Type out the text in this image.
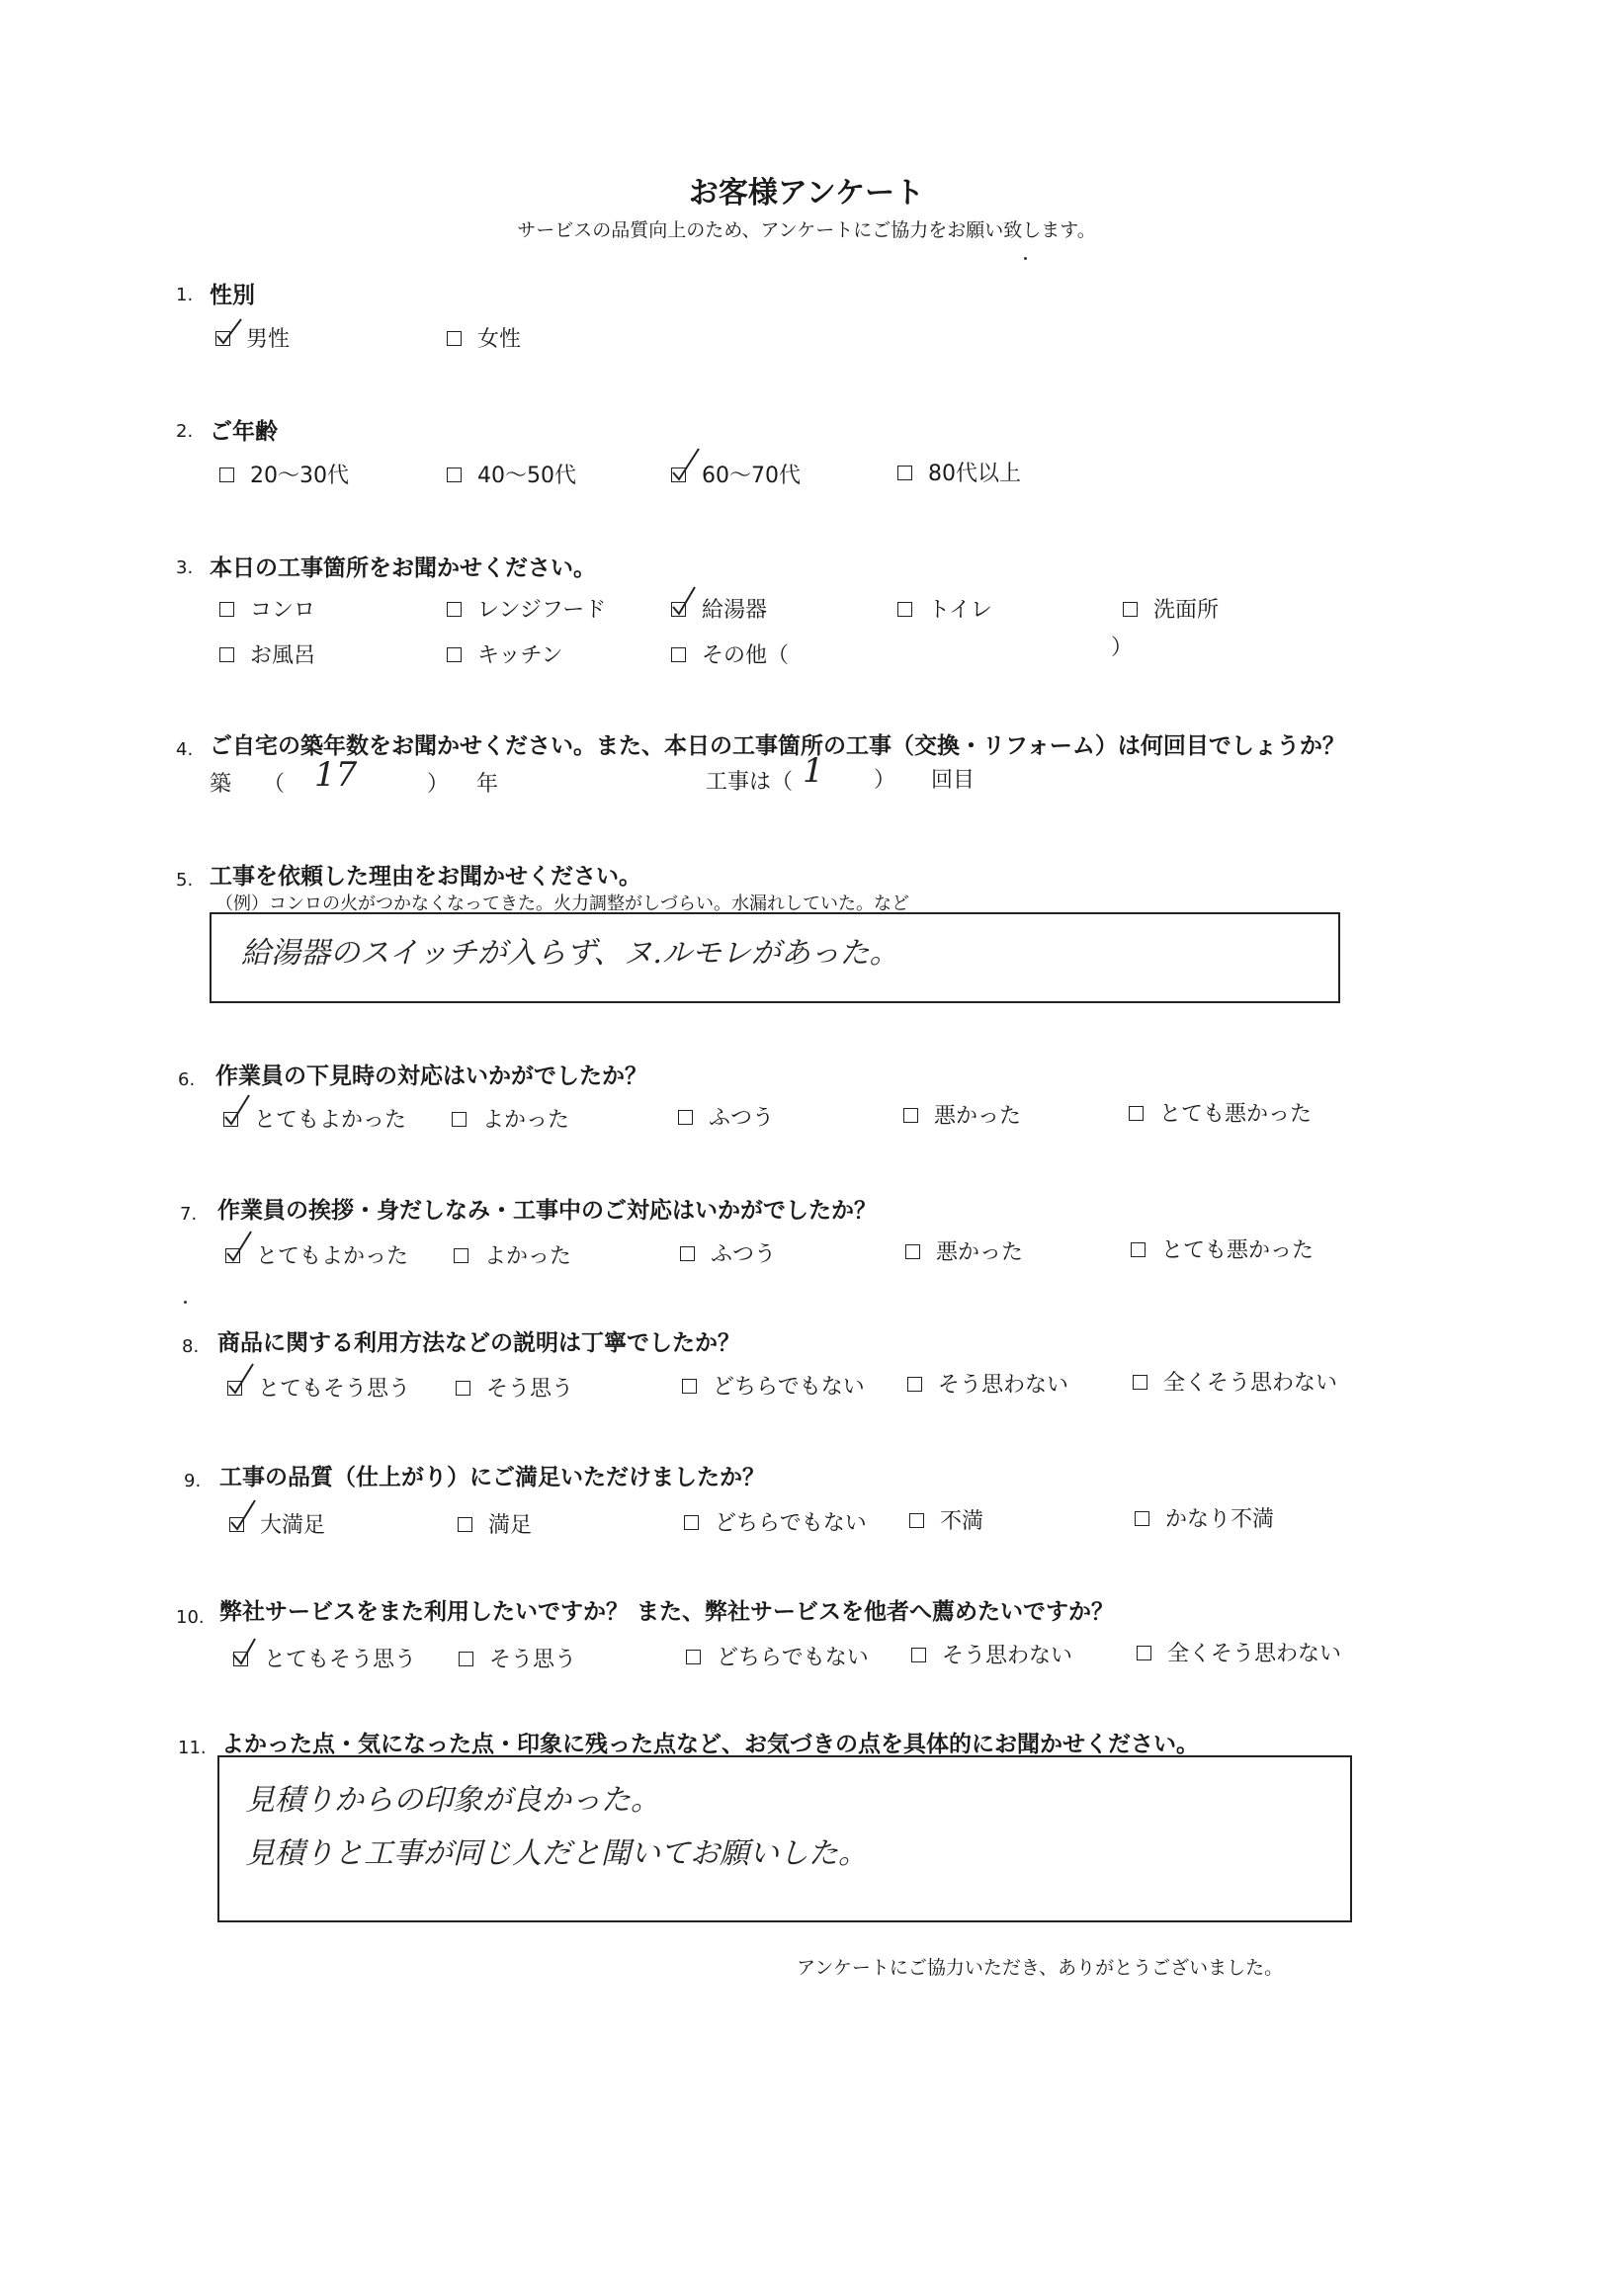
お客様アンケート
サービスの品質向上のため、アンケートにご協力をお願い致します。
1. 性別
男性	女性
2. ご年齢
20〜30代	40〜50代	60〜70代	80代以上
3. 本日の工事箇所をお聞かせください。
コンロ	レンジフード	給湯器	トイレ	洗面所
お風呂	キッチン	その他（	）
4. ご自宅の築年数をお聞かせください。また、本日の工事箇所の工事（交換・リフォーム）は何回目でしょうか？
築 （ 17	） 年	工事は（ 1 ） 回目
5. 工事を依頼した理由をお聞かせください。
（例）コンロの火がつかなくなってきた。火力調整がしづらい。水漏れしていた。など
給湯器のスイッチが入らず、ヌ.ルモレがあった。
6. 作業員の下見時の対応はいかがでしたか？
とてもよかった	よかった	ふつう	悪かった	とても悪かった
7. 作業員の挨拶・身だしなみ・工事中のご対応はいかがでしたか？
とてもよかった	よかった	ふつう	悪かった	とても悪かった
8. 商品に関する利用方法などの説明は丁寧でしたか？
とてもそう思う	そう思う	どちらでもない	そう思わない	全くそう思わない
9. 工事の品質（仕上がり）にご満足いただけましたか？
大満足	満足	どちらでもない	不満	かなり不満
10. 弊社サービスをまた利用したいですか？ また、弊社サービスを他者へ薦めたいですか？
とてもそう思う	そう思う	どちらでもない	そう思わない	全くそう思わない
11. よかった点・気になった点・印象に残った点など、お気づきの点を具体的にお聞かせください。
見積りからの印象が良かった。
見積りと工事が同じ人だと聞いてお願いした。
アンケートにご協力いただき、ありがとうございました。
